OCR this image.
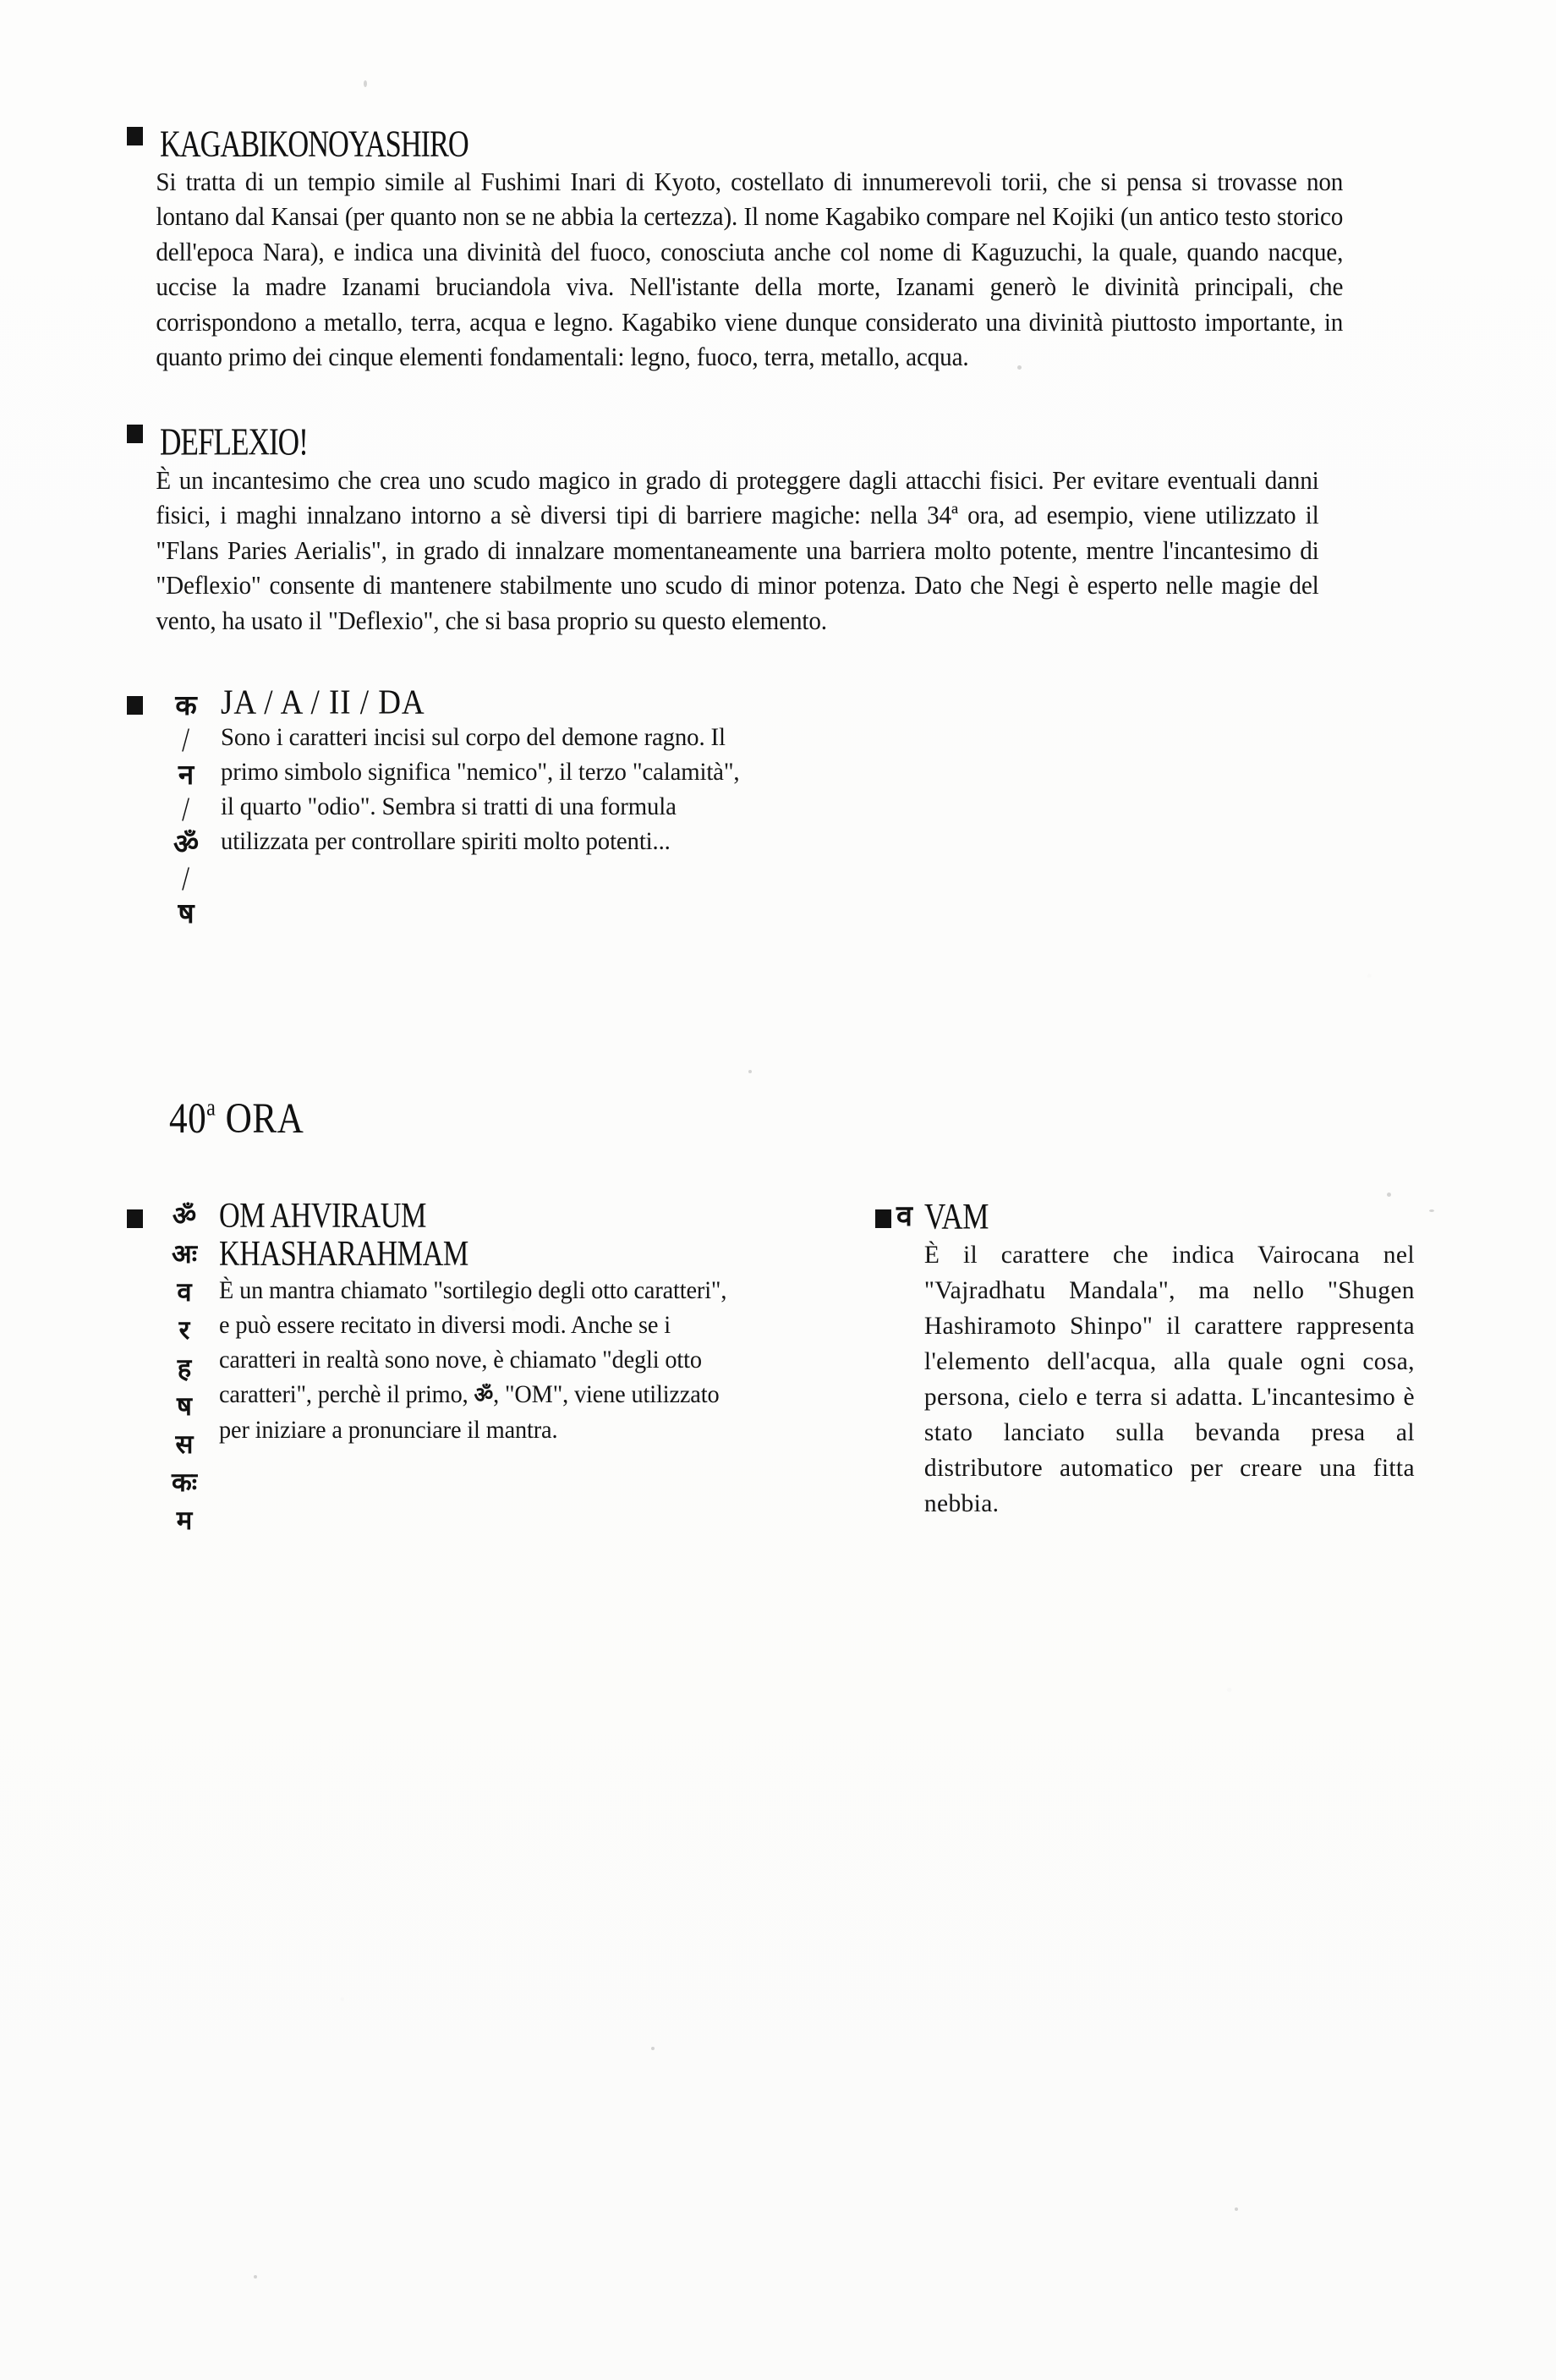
KAGABIKONOYASHIRO

Si tratta di un tempio simile al Fushimi Inari di Kyoto, costellato di innumerevoli torii, che si pensa si trovasse non lontano dal Kansai (per quanto non se ne abbia la certezza). Il nome Kagabiko compare nel Kojiki (un antico testo storico dell'epoca Nara), e indica una divinità del fuoco, conosciuta anche col nome di Kaguzuchi, la quale, quando nacque, uccise la madre Izanami bruciandola viva. Nell'istante della morte, Izanami generò le divinità principali, che corrispondono a metallo, terra, acqua e legno. Kagabiko viene dunque considerato una divinità piuttosto importante, in quanto primo dei cinque elementi fondamentali: legno, fuoco, terra, metallo, acqua.

DEFLEXIO!

È un incantesimo che crea uno scudo magico in grado di proteggere dagli attacchi fisici. Per evitare eventuali danni fisici, i maghi innalzano intorno a sè diversi tipi di barriere magiche: nella 34ª ora, ad esempio, viene utilizzato il "Flans Paries Aerialis", in grado di innalzare momentaneamente una barriera molto potente, mentre l'incantesimo di "Deflexio" consente di mantenere stabilmente uno scudo di minor potenza. Dato che Negi è esperto nelle magie del vento, ha usato il "Deflexio", che si basa proprio su questo elemento.

क
/
न
/
ॐ
/
ष
JA / A / II / DA

Sono i caratteri incisi sul corpo del demone ragno. Il primo simbolo significa "nemico", il terzo "calamità", il quarto "odio". Sembra si tratti di una formula utilizzata per controllare spiriti molto potenti...

40$^a$ ORA
ॐ
अः
व
र
ह
ष
स
कः
म
OM AHVIRAUM
KHASHARAHMAM

È un mantra chiamato "sortilegio degli otto caratteri", e può essere recitato in diversi modi. Anche se i caratteri in realtà sono nove, è chiamato "degli otto caratteri", perchè il primo, ॐ, "OM", viene utilizzato per iniziare a pronunciare il mantra.

व VAM

È il carattere che indica Vairocana nel "Vajradhatu Mandala", ma nello "Shugen Hashiramoto Shinpo" il carattere rappresenta l'elemento dell'acqua, alla quale ogni cosa, persona, cielo e terra si adatta. L'incantesimo è stato lanciato sulla bevanda presa al distributore automatico per creare una fitta nebbia.
